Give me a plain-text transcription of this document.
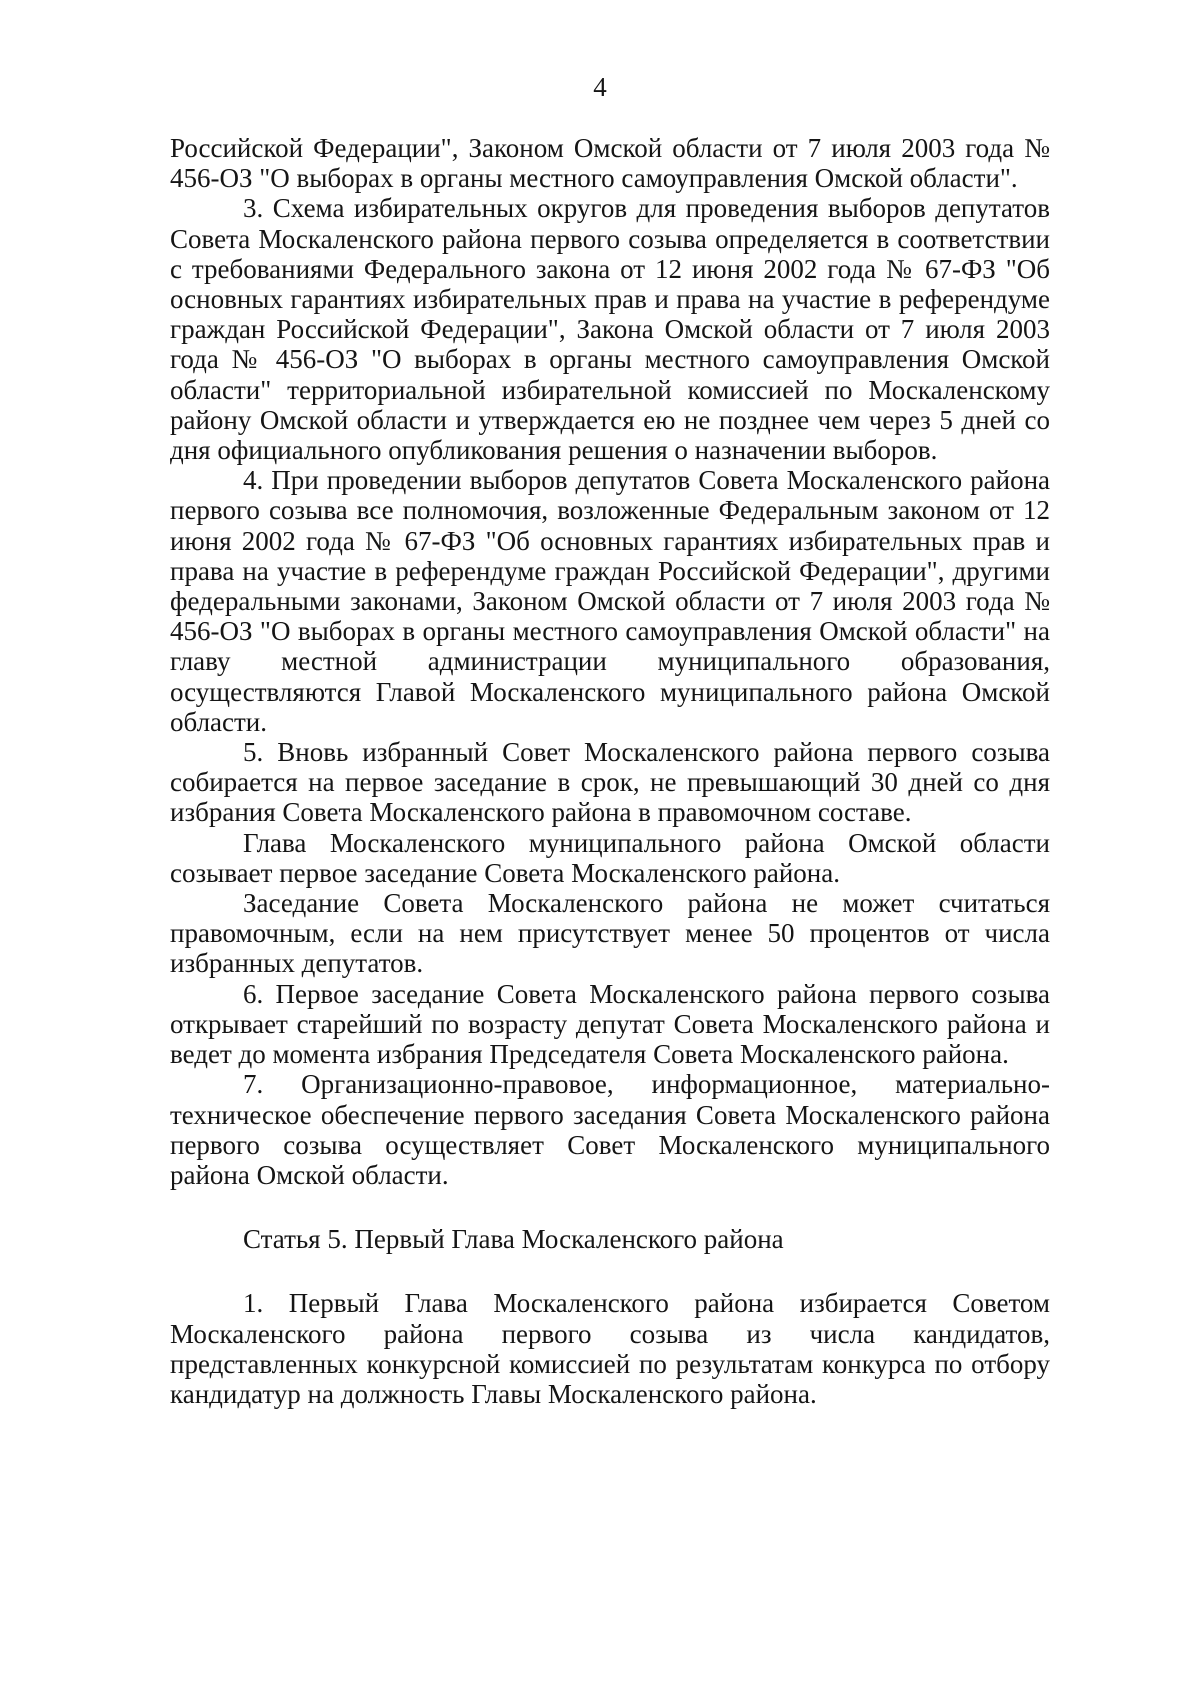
4

Российской Федерации", Законом Омской области от 7 июля 2003 года № 456-ОЗ "О выборах в органы местного самоуправления Омской области".

3. Схема избирательных округов для проведения выборов депутатов Совета Москаленского района первого созыва определяется в соответствии с требованиями Федерального закона от 12 июня 2002 года № 67-ФЗ "Об основных гарантиях избирательных прав и права на участие в референдуме граждан Российской Федерации", Закона Омской области от 7 июля 2003 года № 456-ОЗ "О выборах в органы местного самоуправления Омской области" территориальной избирательной комиссией по Москаленскому району Омской области и утверждается ею не позднее чем через 5 дней со дня официального опубликования решения о назначении выборов.

4. При проведении выборов депутатов Совета Москаленского района первого созыва все полномочия, возложенные Федеральным законом от 12 июня 2002 года № 67-ФЗ "Об основных гарантиях избирательных прав и права на участие в референдуме граждан Российской Федерации", другими федеральными законами, Законом Омской области от 7 июля 2003 года № 456-ОЗ "О выборах в органы местного самоуправления Омской области" на главу местной администрации муниципального образования, осуществляются Главой Москаленского муниципального района Омской области.

5. Вновь избранный Совет Москаленского района первого созыва собирается на первое заседание в срок, не превышающий 30 дней со дня избрания Совета Москаленского района в правомочном составе.

Глава Москаленского муниципального района Омской области созывает первое заседание Совета Москаленского района.

Заседание Совета Москаленского района не может считаться правомочным, если на нем присутствует менее 50 процентов от числа избранных депутатов.

6. Первое заседание Совета Москаленского района первого созыва открывает старейший по возрасту депутат Совета Москаленского района и ведет до момента избрания Председателя Совета Москаленского района.

7. Организационно-правовое, информационное, материально-техническое обеспечение первого заседания Совета Москаленского района первого созыва осуществляет Совет Москаленского муниципального района Омской области.

Статья 5. Первый Глава Москаленского района

1. Первый Глава Москаленского района избирается Советом Москаленского района первого созыва из числа кандидатов, представленных конкурсной комиссией по результатам конкурса по отбору кандидатур на должность Главы Москаленского района.
